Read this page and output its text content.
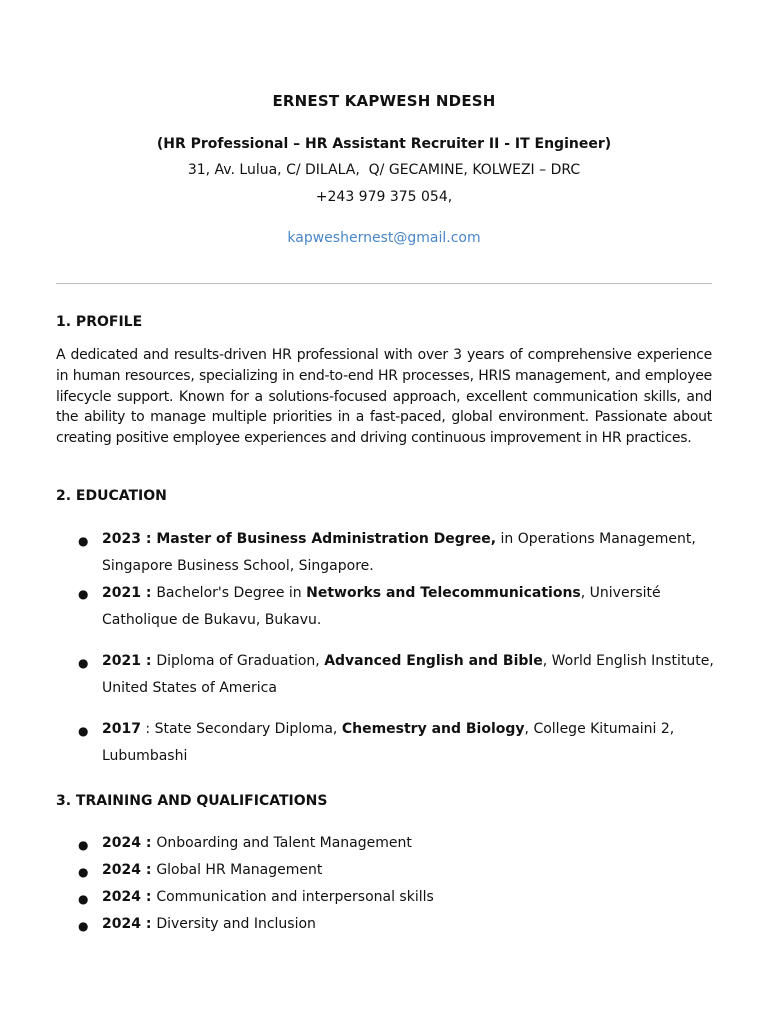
ERNEST KAPWESH NDESH
(HR Professional – HR Assistant Recruiter II - IT Engineer)
31, Av. Lulua, C/ DILALA,  Q/ GECAMINE, KOLWEZI – DRC
+243 979 375 054,
kapweshernest@gmail.com
1. PROFILE
A dedicated and results-driven HR professional with over 3 years of comprehensive experience in human resources, specializing in end-to-end HR processes, HRIS management, and employee lifecycle support. Known for a solutions-focused approach, excellent communication skills, and the ability to manage multiple priorities in a fast-paced, global environment. Passionate about creating positive employee experiences and driving continuous improvement in HR practices.
2. EDUCATION
● 2023 : Master of Business Administration Degree, in Operations Management, Singapore Business School, Singapore.
● 2021 : Bachelor's Degree in Networks and Telecommunications, Université Catholique de Bukavu, Bukavu.
● 2021 : Diploma of Graduation, Advanced English and Bible, World English Institute, United States of America
● 2017 : State Secondary Diploma, Chemestry and Biology, College Kitumaini 2, Lubumbashi
3. TRAINING AND QUALIFICATIONS
● 2024 : Onboarding and Talent Management
● 2024 : Global HR Management
● 2024 : Communication and interpersonal skills
● 2024 : Diversity and Inclusion
